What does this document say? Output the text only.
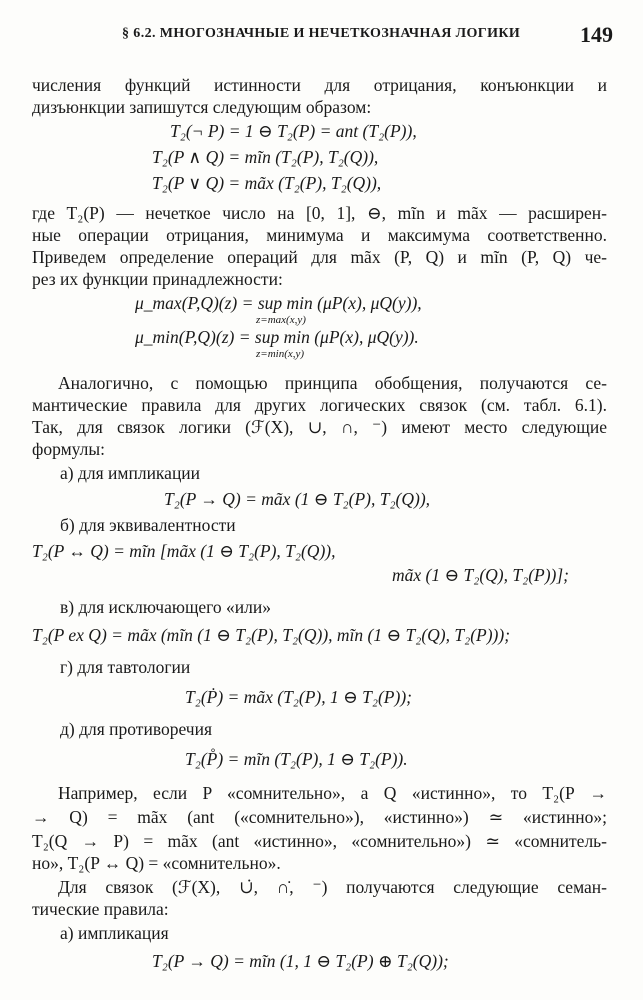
§ 6.2. МНОГОЗНАЧНЫЕ И НЕЧЕТКОЗНАЧНАЯ ЛОГИКИ	149
числения функций истинности для отрицания, конъюнкции и
дизъюнкции запишутся следующим образом:
T₂(¬ P) = 1 ⊖ T₂(P) = ant (T₂(P)),
T₂(P ∧ Q) = mĩn (T₂(P), T₂(Q)),
T₂(P ∨ Q) = mãx (T₂(P), T₂(Q)),
где T₂(P) — нечеткое число на [0, 1], ⊖, mĩn и mãx — расширен-
ные операции отрицания, минимума и максимума соответственно.
Приведем определение операций для mãx (P, Q) и mĩn (P, Q) че-
рез их функции принадлежности:
μ_max(P,Q)(z) = sup min (μP(x), μQ(y)),
z=max(x,y)
μ_min(P,Q)(z) = sup min (μP(x), μQ(y)).
z=min(x,y)
Аналогично, с помощью принципа обобщения, получаются се-
мантические правила для других логических связок (см. табл. 6.1).
Так, для связок логики (ℱ(X), ∪, ∩, ⁻) имеют место следующие
формулы:
а) для импликации
T₂(P → Q) = mãx (1 ⊖ T₂(P), T₂(Q)),
б) для эквивалентности
T₂(P ↔ Q) = mĩn [mãx (1 ⊖ T₂(P), T₂(Q)),
mãx (1 ⊖ T₂(Q), T₂(P))];
в) для исключающего «или»
T₂(P ex Q) = mãx (mĩn (1 ⊖ T₂(P), T₂(Q)), mĩn (1 ⊖ T₂(Q), T₂(P)));
г) для тавтологии
T₂(Ṗ) = mãx (T₂(P), 1 ⊖ T₂(P));
д) для противоречия
T₂(P̊) = mĩn (T₂(P), 1 ⊖ T₂(P)).
Например, если P «сомнительно», а Q «истинно», то T₂(P →
→ Q) = mãx (ant («сомнительно»), «истинно») ≃ «истинно»;
T₂(Q → P) = mãx (ant «истинно», «сомнительно») ≃ «сомнитель-
но», T₂(P ↔ Q) = «сомнительно».
Для связок (ℱ(X), ∪̇, ∩̇, ⁻) получаются следующие семан-
тические правила:
а) импликация
T₂(P → Q) = mĩn (1, 1 ⊖ T₂(P) ⊕ T₂(Q));
